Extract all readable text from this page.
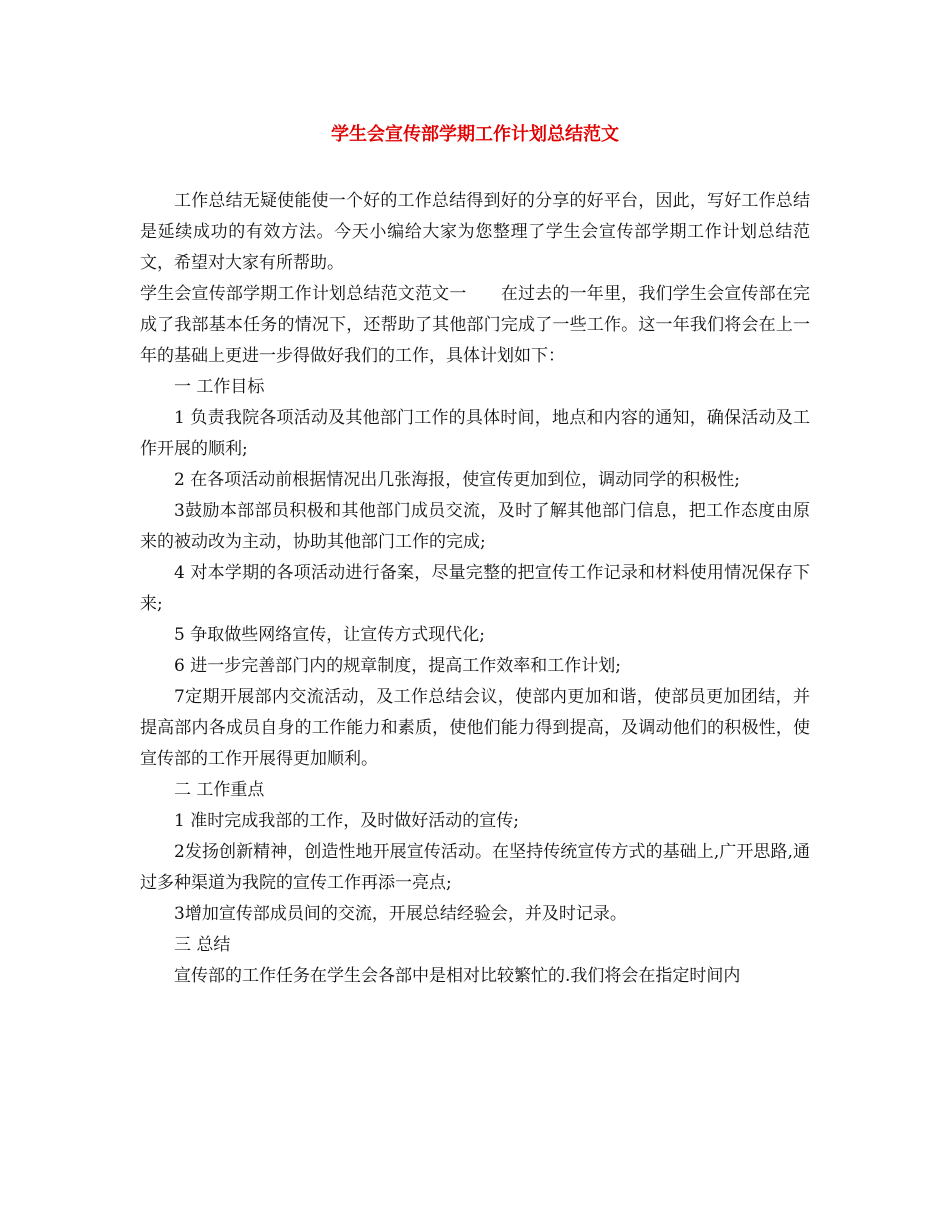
学生会宣传部学期工作计划总结范文

工作总结无疑使能使一个好的工作总结得到好的分享的好平台，因此，写好工作总结是延续成功的有效方法。今天小编给大家为您整理了学生会宣传部学期工作计划总结范文，希望对大家有所帮助。

学生会宣传部学期工作计划总结范文范文一　　在过去的一年里，我们学生会宣传部在完成了我部基本任务的情况下，还帮助了其他部门完成了一些工作。这一年我们将会在上一年的基础上更进一步得做好我们的工作，具体计划如下：

一 工作目标

1 负责我院各项活动及其他部门工作的具体时间，地点和内容的通知，确保活动及工作开展的顺利;

2 在各项活动前根据情况出几张海报，使宣传更加到位，调动同学的积极性;

3鼓励本部部员积极和其他部门成员交流，及时了解其他部门信息，把工作态度由原来的被动改为主动，协助其他部门工作的完成;

4 对本学期的各项活动进行备案，尽量完整的把宣传工作记录和材料使用情况保存下来;

5 争取做些网络宣传，让宣传方式现代化;

6 进一步完善部门内的规章制度，提高工作效率和工作计划;

7定期开展部内交流活动，及工作总结会议，使部内更加和谐，使部员更加团结，并提高部内各成员自身的工作能力和素质，使他们能力得到提高，及调动他们的积极性，使宣传部的工作开展得更加顺利。

二 工作重点

1 准时完成我部的工作，及时做好活动的宣传;

2发扬创新精神，创造性地开展宣传活动。在坚持传统宣传方式的基础上,广开思路,通过多种渠道为我院的宣传工作再添一亮点;

3增加宣传部成员间的交流，开展总结经验会，并及时记录。

三 总结

宣传部的工作任务在学生会各部中是相对比较繁忙的.我们将会在指定时间内
